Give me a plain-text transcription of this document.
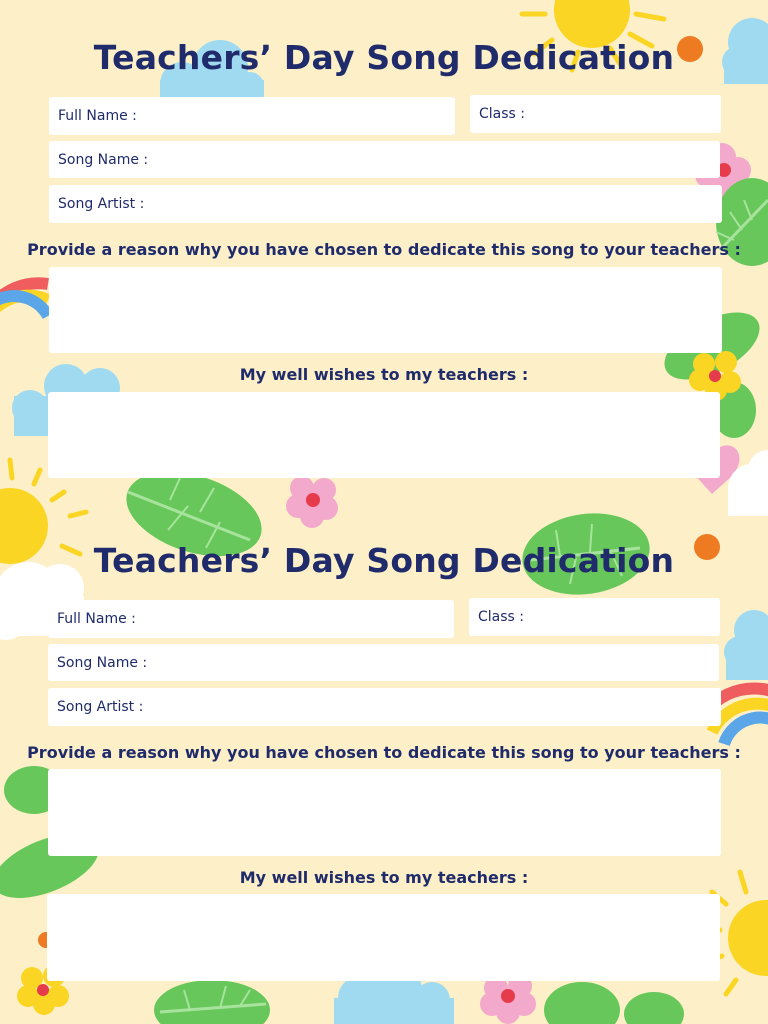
Teachers’ Day Song Dedication
Full Name :	Class :
Song Name :
Song Artist :

Provide a reason why you have chosen to dedicate this song to your teachers :

My well wishes to my teachers :

Teachers’ Day Song Dedication
Full Name :	Class :
Song Name :
Song Artist :

Provide a reason why you have chosen to dedicate this song to your teachers :

My well wishes to my teachers :
